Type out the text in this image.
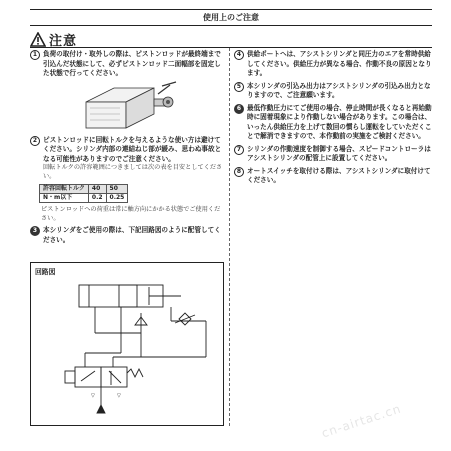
使用上のご注意
注意
1 負荷の取付け・取外しの際は、ピストンロッドが最終端まで引込んだ状態にして、必ずピストンロッド二面幅部を固定した状態で行ってください。
2 ピストンロッドに回転トルクを与えるような使い方は避けてください。シリンダ内部の連結ねじ部が緩み、思わぬ事故となる可能性がありますのでご注意ください。
回転トルクの許容範囲につきましては次の表を目安としてください。
許容回転トルク	40	50
N・m以下	0.2	0.25
ピストンロッドへの荷重は常に軸方向にかかる状態でご使用ください。
3 本シリンダをご使用の際は、下記回路図のように配管してください。
4 供給ポートへは、アシストシリンダと同圧力のエアを常時供給してください。供給圧力が異なる場合、作動不良の原因となります。
5 本シリンダの引込み出力はアシストシリンダの引込み出力となりますので、ご注意願います。
6 最低作動圧力にてご使用の場合、停止時間が長くなると再始動時に固着現象により作動しない場合があります。この場合は、いったん供給圧力を上げて数回の慣らし運転をしていただくことで解消できますので、本作動前の実施をご検討ください。
7 シリンダの作動速度を制御する場合、スピードコントローラはアシストシリンダの配管上に設置してください。
8 オートスイッチを取付ける際は、アシストシリンダに取付けてください。
▽	▽
回路図
cn-airtac.cn
